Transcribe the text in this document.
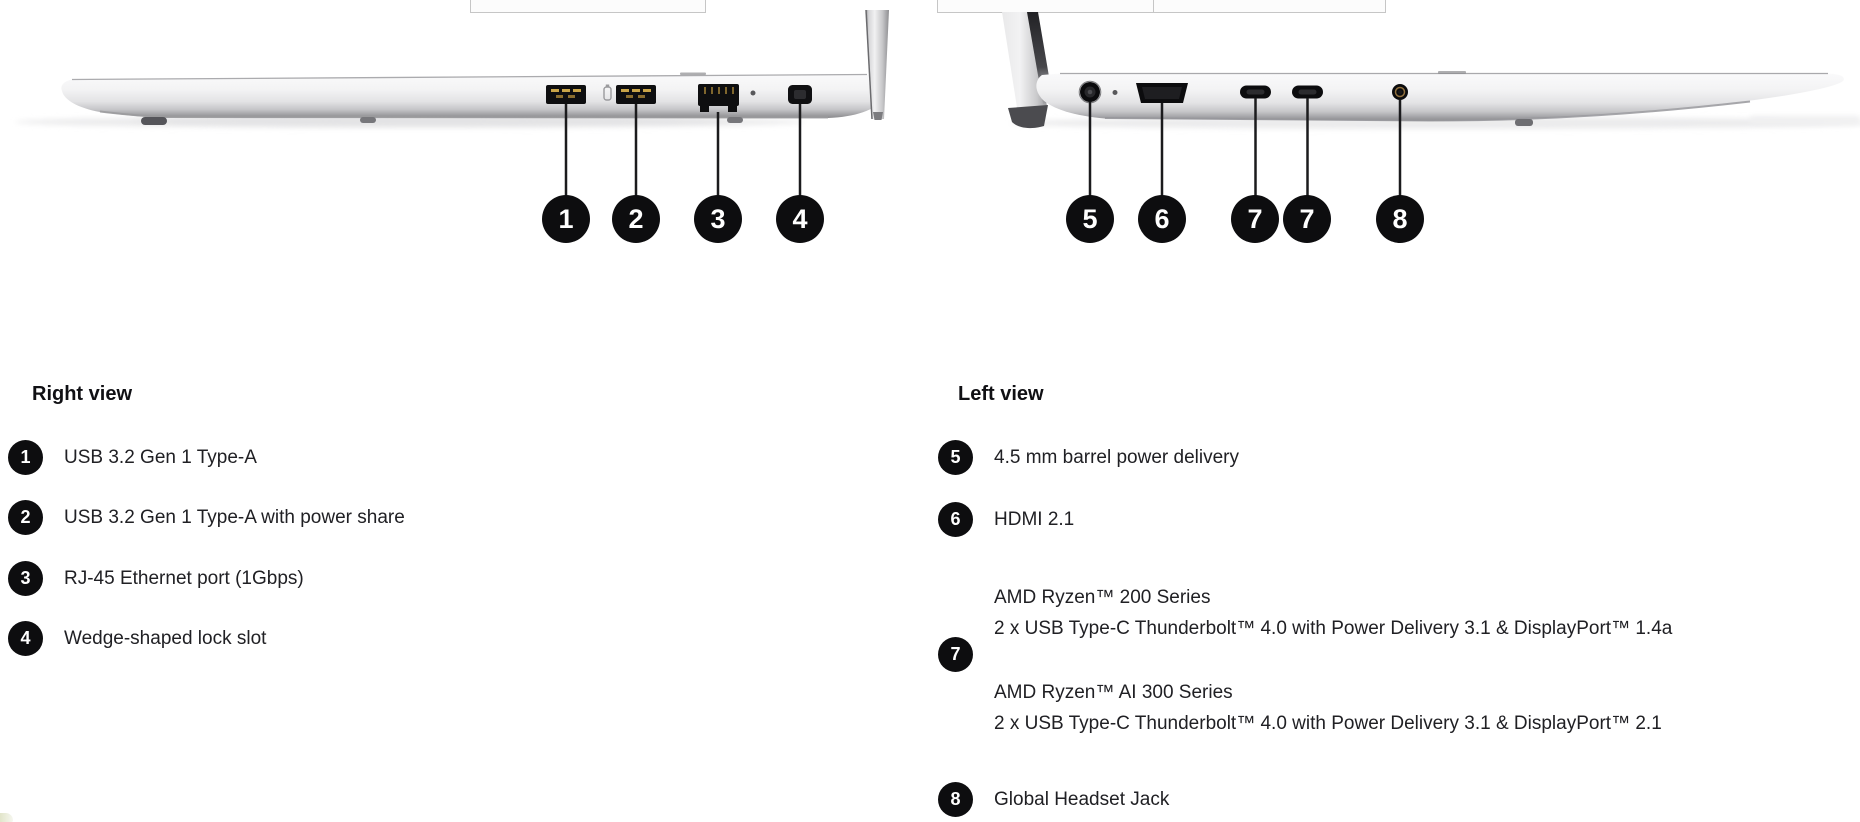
1 2 3 4	5 6	7 7	8
Right view
1	USB 3.2 Gen 1 Type-A
2	USB 3.2 Gen 1 Type-A with power share
3	RJ-45 Ethernet port (1Gbps)
4	Wedge-shaped lock slot
Left view
5	4.5 mm barrel power delivery
6	HDMI 2.1
7
AMD Ryzen™ 200 Series
2 x USB Type-C Thunderbolt™ 4.0 with Power Delivery 3.1 & DisplayPort™ 1.4a
AMD Ryzen™ AI 300 Series
2 x USB Type-C Thunderbolt™ 4.0 with Power Delivery 3.1 & DisplayPort™ 2.1
8	Global Headset Jack
